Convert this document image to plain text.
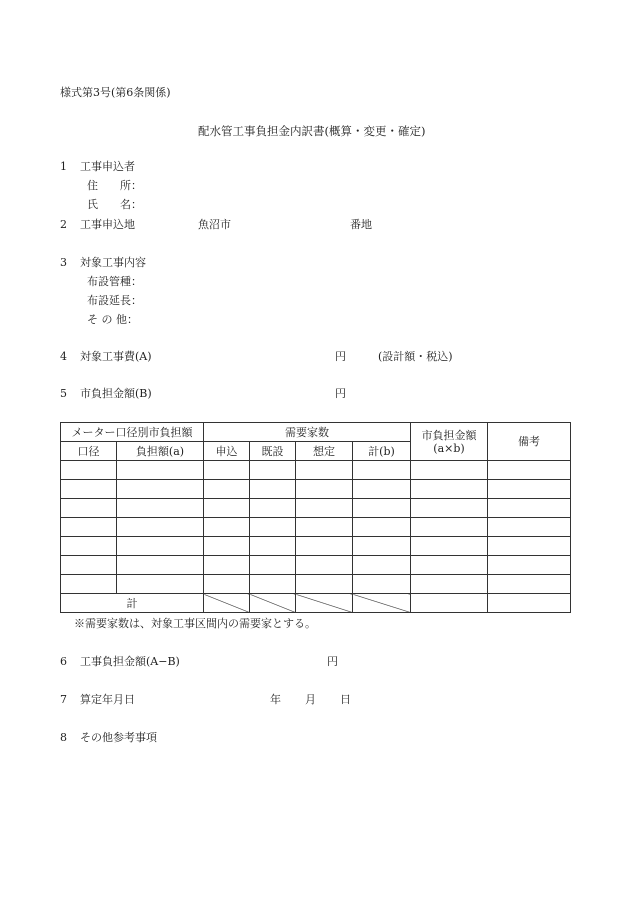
様式第3号(第6条関係)
配水管工事負担金内訳書(概算・変更・確定)
1 工事申込者
住　　所：
氏　　名：
2 工事申込地	魚沼市	番地
3 対象工事内容
布設管種：
布設延長：
そ の 他：
4 対象工事費(A)	円	(設計額・税込)
5 市負担金額(B)	円
メーター口径別市負担額		需要家数				市負担金額(a×b)	備考
口径	負担額(a)	申込	既設	想定	計(b)		

計							
※需要家数は、対象工事区間内の需要家とする。
6 工事負担金額(A−B)	円
7 算定年月日	年 月 日
8 その他参考事項
